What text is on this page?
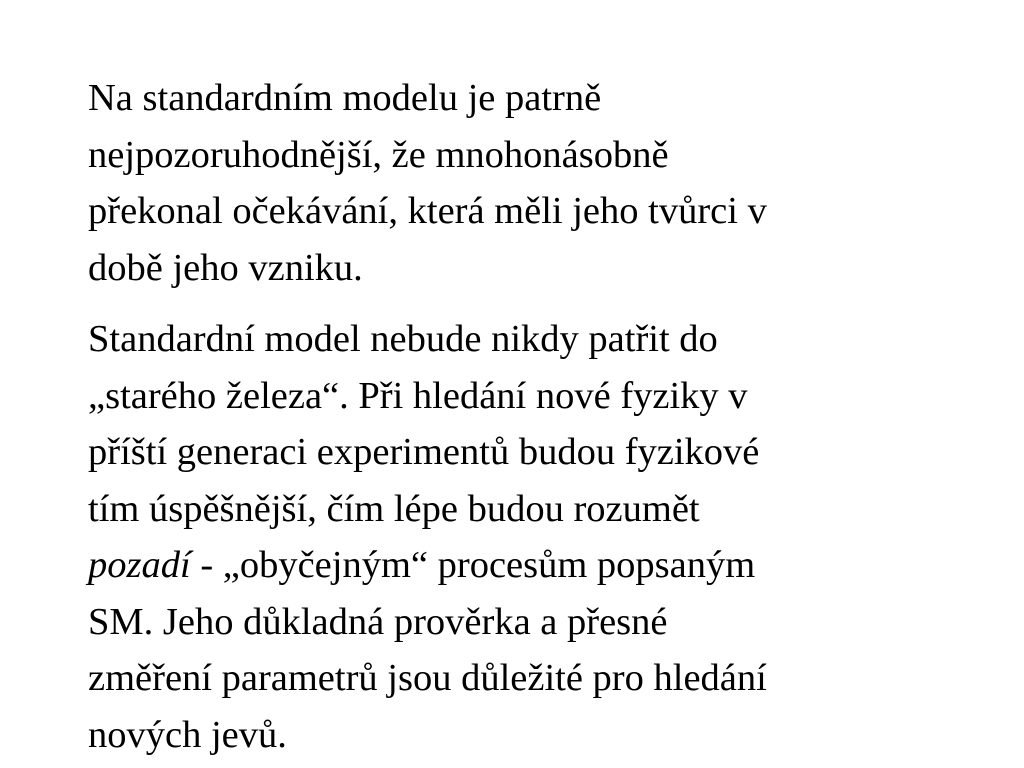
Na standardním modelu je patrně
nejpozoruhodnější, že mnohonásobně
překonal očekávání, která měli jeho tvůrci v
době jeho vzniku.

Standardní model nebude nikdy patřit do
„starého železa“. Při hledání nové fyziky v
příští generaci experimentů budou fyzikové
tím úspěšnější, čím lépe budou rozumět
pozadí - „obyčejným“ procesům popsaným
SM. Jeho důkladná prověrka a přesné
změření parametrů jsou důležité pro hledání
nových jevů.
